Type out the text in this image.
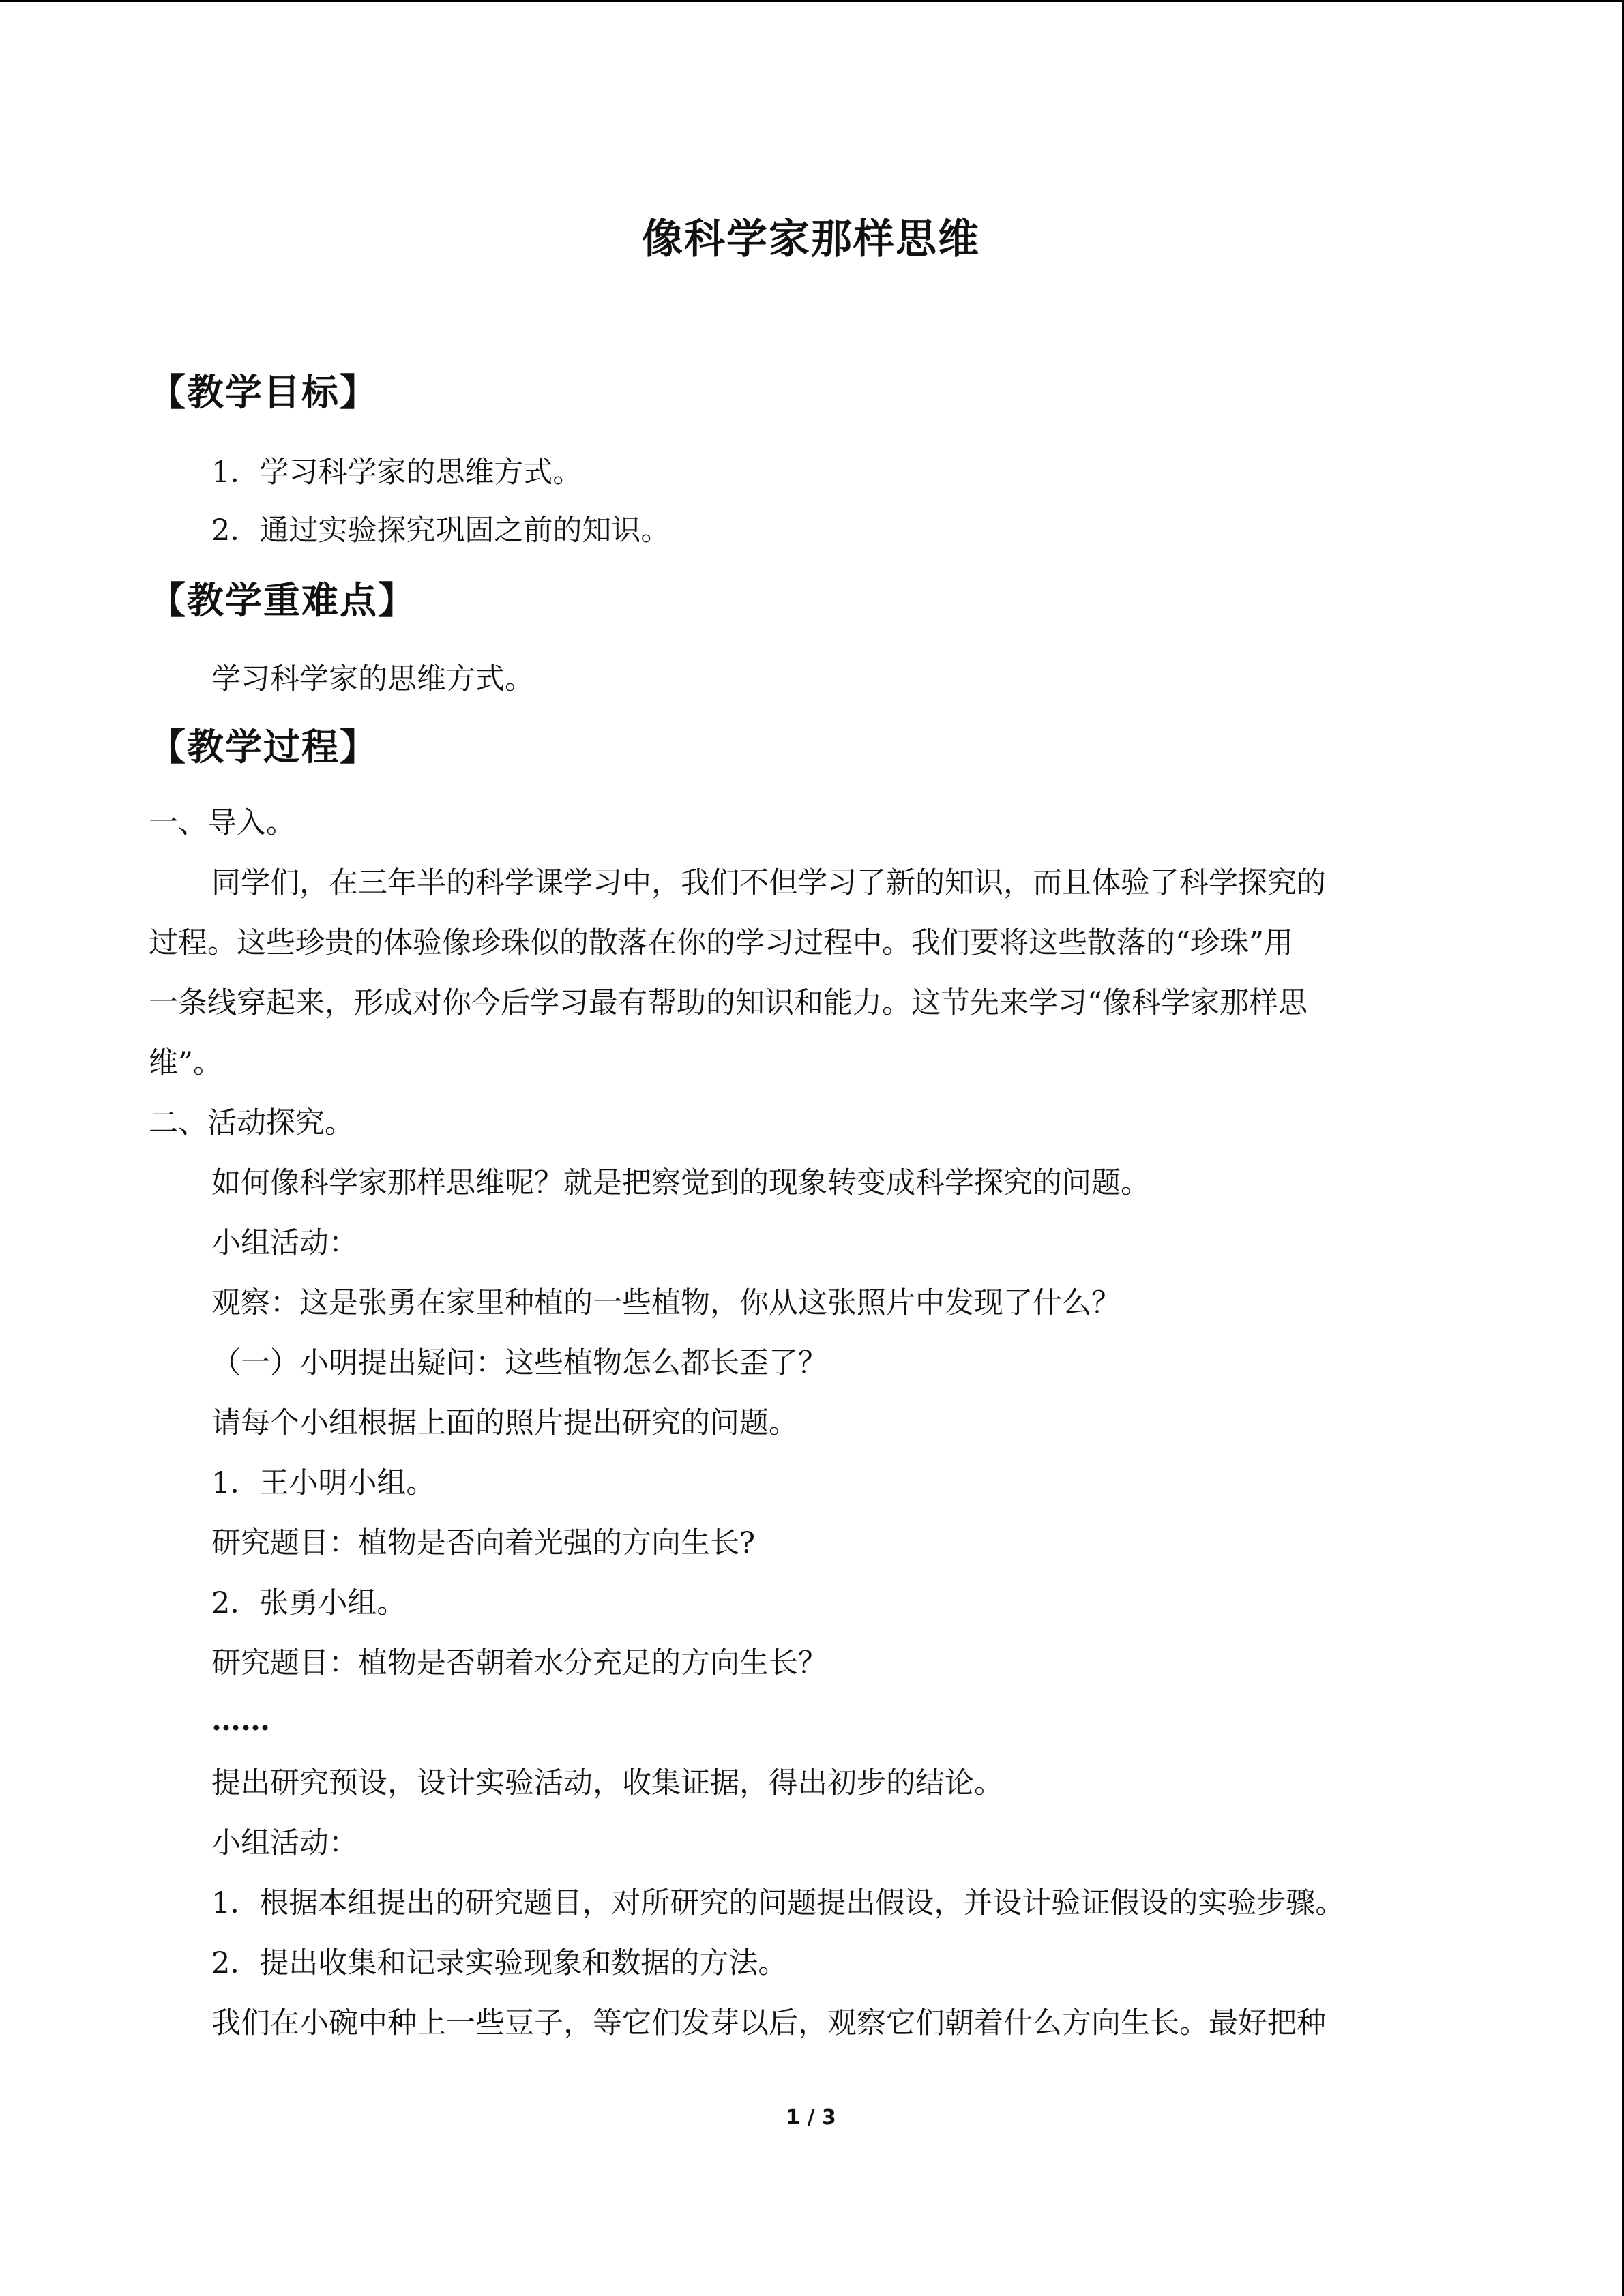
像科学家那样思维
【教学目标】
1．学习科学家的思维方式。
2．通过实验探究巩固之前的知识。
【教学重难点】
学习科学家的思维方式。
【教学过程】
一、导入。
同学们，在三年半的科学课学习中，我们不但学习了新的知识，而且体验了科学探究的
过程。这些珍贵的体验像珍珠似的散落在你的学习过程中。我们要将这些散落的“珍珠”用
一条线穿起来，形成对你今后学习最有帮助的知识和能力。这节先来学习“像科学家那样思
维”。
二、活动探究。
如何像科学家那样思维呢？就是把察觉到的现象转变成科学探究的问题。
小组活动：
观察：这是张勇在家里种植的一些植物，你从这张照片中发现了什么？
（一）小明提出疑问：这些植物怎么都长歪了？
请每个小组根据上面的照片提出研究的问题。
1．王小明小组。
研究题目：植物是否向着光强的方向生长?
2．张勇小组。
研究题目：植物是否朝着水分充足的方向生长？
……
提出研究预设，设计实验活动，收集证据，得出初步的结论。
小组活动：
1．根据本组提出的研究题目，对所研究的问题提出假设，并设计验证假设的实验步骤。
2．提出收集和记录实验现象和数据的方法。
我们在小碗中种上一些豆子，等它们发芽以后，观察它们朝着什么方向生长。最好把种
1 / 3
